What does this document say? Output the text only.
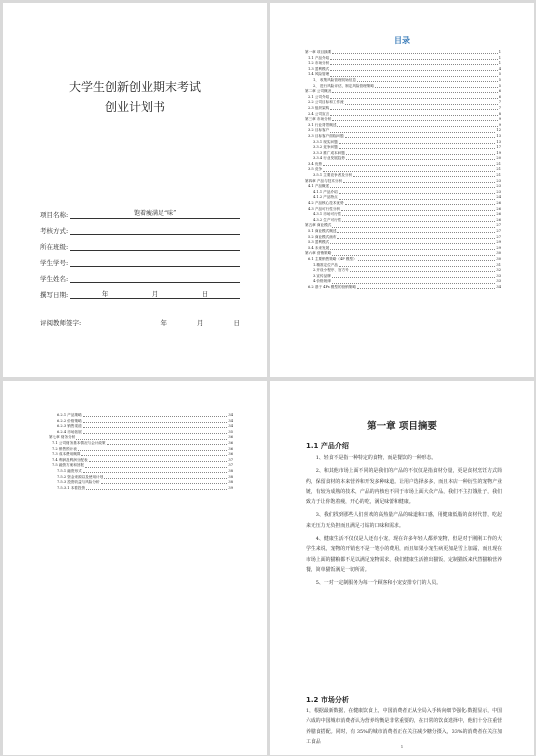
大学生创新创业期末考试
创业计划书
项目名称:	饱着瘦满足“味”
考核方式:
所在班级:
学生学号:
学生姓名:
撰写日期:	年	月	日
评阅教师签字:	年	月	日
目录
第一章 项目摘要	1
1.1 产品介绍	1
1.2 市场分析	1
1.3 盈利模式	4
1.4 风险管理	5
1、 收集风险管理初始信息	5
2、 进行风险评估，制定风险管理策略	5
第二章 公司概况	6
2.1 公司介绍	6
2.2 公司目标和工作流	7
2.3 组织架构	7
2.4 公司宣言	8
第三章 市场分析	9
3.1 行业背景概述	9
3.2 目标客户	12
3.3 目标客户面临问题	13
3.3.1 现实问题	13
3.3.2 竞争问题	17
3.3.3 推广成本问题	19
3.3.4 行业发展趋势	20
3.4 优势	21
3.5 竞争	21
3.5.1 主要竞争者及分析	21
第四章 产品与技术分析	23
4.1 产品概述	23
4.1.1 产品介绍	23
4.1.2 产品特点	24
4.2 产品核心技术优势	26
4.3 产品可行性分析	26
4.3.1 市场可行性	26
4.3.2 生产可行性	26
第五章 商业模式	27
5.1 商业模式概述	27
5.2 商业模式画布	27
5.3 盈利模式	29
5.4 未来发展	29
第六章 营销策略	30
6.1 主要销售策略（4P 模型）	30
1.精准定位产品	31
2.开设小程序、官方号	32
3.宣传品牌	33
4.价格规律	33
6.2 基于 4Ps 模型的营销策略	34
6.2.1 产品策略	34
6.2.2 价格策略	34
6.2.3 销售渠道	34
6.2.4 市场拓展	35
第七章 财务分析	36
7.1 公司财务基本情况与会计政策	36
7.2 销售预计表	36
7.3 成本费用概算	36
7.4 利润及利润分配表	37
7.5 融资方案和回报	37
7.5.1 融资形式	38
7.5.2 资金来源以及使用计划	38
7.5.3 投资收益与风险分析	38
7.5.3.1 本着投资	39
第一章 项目摘要
1.1 产品介绍

1、轻食不是指一种特定的食物，而是餐饮的一种形态。

2、和其他市场上面不同的是我们的产品的不仅仅是指食材分量，更是食材烹饪方式简约，保留食材的本来营养和开发多种味道。让用户选择多多，而且本店一种衍生的宠物产业链，有较为成熟的技术，产品的内核也不同于市场上面大众产品，我们不主打饿肚子，我们致力于让你饱着瘦，开心的吃，满足味蕾和健康。

3、我们找到那些人们喜欢的高热量产品的味道和口感，用健康低脂的食材代替，吃起来无压力无负担而且满足刁钻的口味和需求。

4、健康生活不仅仅是人还有小宠，现在许多年轻人都养宠物，但是对于刚刚工作的大学生来说，宠物的开销也不是一笔小的费用，而且如果小宠生病更加是雪上加霜，而且现在市场上面的猫粮都不足以满足宠物需求，我们健康生活推出猫饭，定制猫饭来代替猫粮营养餐，简单猫饭满足一切所需。

5、一对一定制服务为每一个顾客和小宠安排专门的人员。

1.2 市场分析

1，根据最新数据，在健康饮食上，中国消费者正从全局入手转向细节强化:数据显示，中国六成的中国城市消费者认为营养均衡是非常重要的，在日常的饮食选择中，他们十分注重营养膳食搭配。同时，有 35%的城市消费者正在关注减少糖分摄入，33%的消费者在关注加工食品

1
